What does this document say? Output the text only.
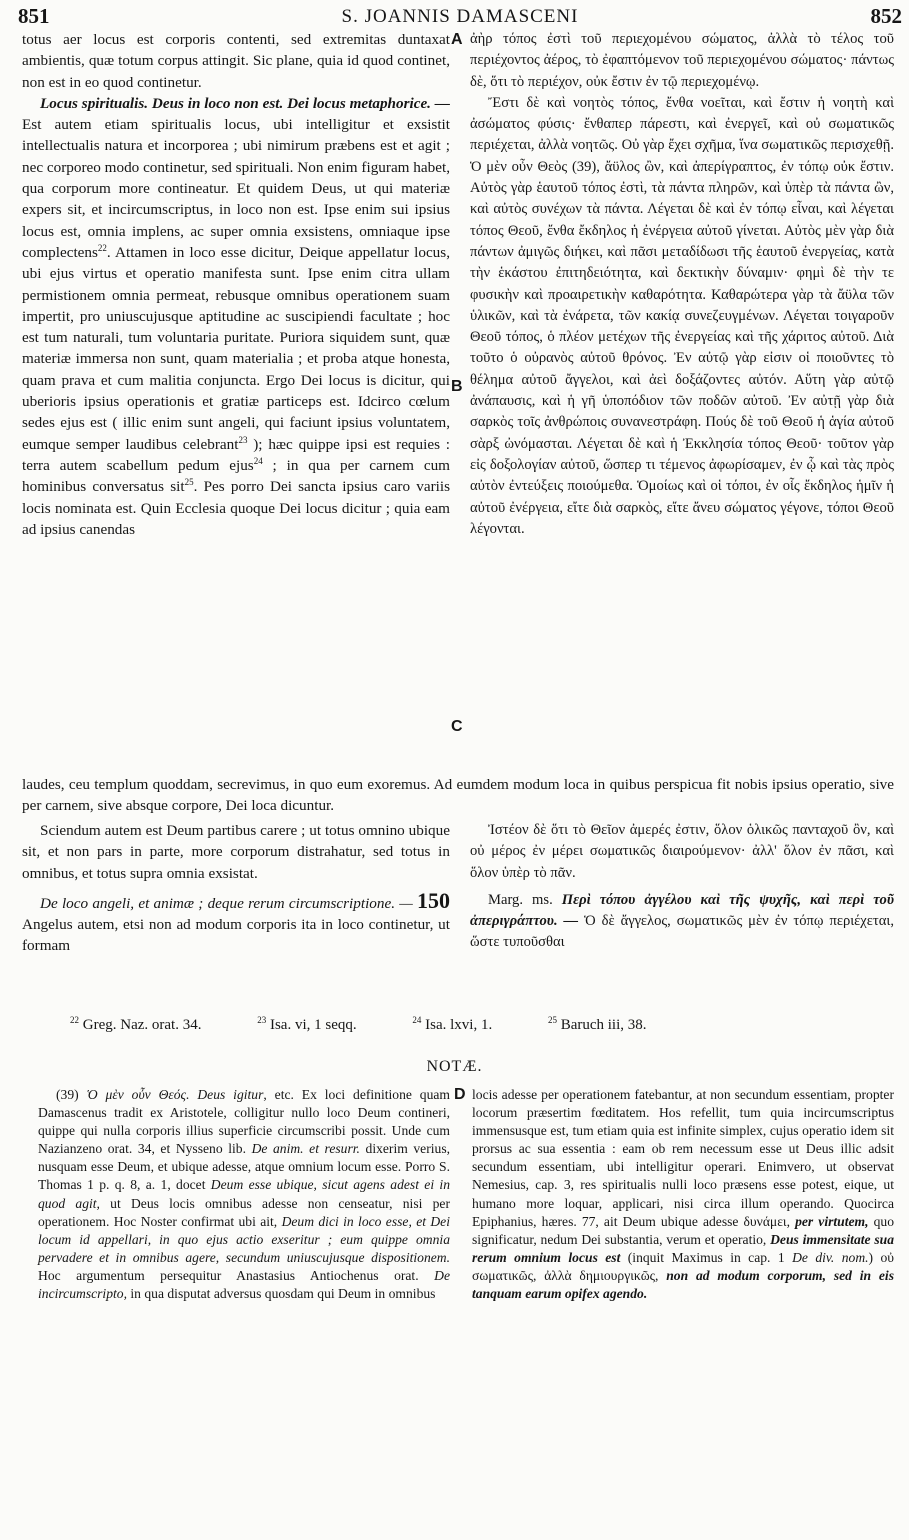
851	S. JOANNIS DAMASCENI	852
A
B
C
D

totus aer locus est corporis contenti, sed extremitas duntaxat ambientis, quæ totum corpus attingit. Sic plane, quia id quod continet, non est in eo quod continetur.

Locus spiritualis. Deus in loco non est. Dei locus metaphorice. — Est autem etiam spiritualis locus, ubi intelligitur et exsistit intellectualis natura et incorporea ; ubi nimirum præbens est et agit ; nec corporeo modo continetur, sed spirituali. Non enim figuram habet, qua corporum more contineatur. Et quidem Deus, ut qui materiæ expers sit, et incircumscriptus, in loco non est. Ipse enim sui ipsius locus est, omnia implens, ac super omnia exsistens, omniaque ipse complectens$^{22}$. Attamen in loco esse dicitur, Deique appellatur locus, ubi ejus virtus et operatio manifesta sunt. Ipse enim citra ullam permistionem omnia permeat, rebusque omnibus operationem suam impertit, pro uniuscujusque aptitudine ac suscipiendi facultate ; hoc est tum naturali, tum voluntaria puritate. Puriora siquidem sunt, quæ materiæ immersa non sunt, quam materialia ; et proba atque honesta, quam prava et cum malitia conjuncta. Ergo Dei locus is dicitur, qui uberioris ipsius operationis et gratiæ particeps est. Idcirco cœlum sedes ejus est ( illic enim sunt angeli, qui faciunt ipsius voluntatem, eumque semper laudibus celebrant$^{23}$ ); hæc quippe ipsi est requies : terra autem scabellum pedum ejus$^{24}$ ; in qua per carnem cum hominibus conversatus sit$^{25}$. Pes porro Dei sancta ipsius caro variis locis nominata est. Quin Ecclesia quoque Dei locus dicitur ; quia eam ad ipsius canendas

ἀὴρ τόπος ἐστὶ τοῦ περιεχομένου σώματος, ἀλλὰ τὸ τέλος τοῦ περιέχοντος ἀέρος, τὸ ἐφαπτόμενον τοῦ περιεχομένου σώματος· πάντως δὲ, ὅτι τὸ περιέχον, οὐκ ἔστιν ἐν τῷ περιεχομένῳ.

Ἔστι δὲ καὶ νοητὸς τόπος, ἔνθα νοεῖται, καὶ ἔστιν ἡ νοητὴ καὶ ἀσώματος φύσις· ἔνθαπερ πάρεστι, καὶ ἐνεργεῖ, καὶ οὐ σωματικῶς περιέχεται, ἀλλὰ νοητῶς. Οὐ γὰρ ἔχει σχῆμα, ἵνα σωματικῶς περισχεθῇ. Ὁ μὲν οὖν Θεὸς (39), ἄϋλος ὢν, καὶ ἀπερίγραπτος, ἐν τόπῳ οὐκ ἔστιν. Αὐτὸς γὰρ ἑαυτοῦ τόπος ἐστὶ, τὰ πάντα πληρῶν, καὶ ὑπὲρ τὰ πάντα ὢν, καὶ αὐτὸς συνέχων τὰ πάντα. Λέγεται δὲ καὶ ἐν τόπῳ εἶναι, καὶ λέγεται τόπος Θεοῦ, ἔνθα ἔκδηλος ἡ ἐνέργεια αὐτοῦ γίνεται. Αὐτὸς μὲν γὰρ διὰ πάντων ἀμιγῶς διήκει, καὶ πᾶσι μεταδίδωσι τῆς ἑαυτοῦ ἐνεργείας, κατὰ τὴν ἑκάστου ἐπιτηδειότητα, καὶ δεκτικὴν δύναμιν· φημὶ δὲ τὴν τε φυσικὴν καὶ προαιρετικὴν καθαρότητα. Καθαρώτερα γὰρ τὰ ἄϋλα τῶν ὑλικῶν, καὶ τὰ ἐνάρετα, τῶν κακίᾳ συνεζευγμένων. Λέγεται τοιγαροῦν Θεοῦ τόπος, ὁ πλέον μετέχων τῆς ἐνεργείας καὶ τῆς χάριτος αὐτοῦ. Διὰ τοῦτο ὁ οὐρανὸς αὐτοῦ θρόνος. Ἐν αὐτῷ γὰρ εἰσιν οἱ ποιοῦντες τὸ θέλημα αὐτοῦ ἄγγελοι, καὶ ἀεὶ δοξάζοντες αὐτόν. Αὕτη γὰρ αὐτῷ ἀνάπαυσις, καὶ ἡ γῆ ὑποπόδιον τῶν ποδῶν αὐτοῦ. Ἐν αὐτῇ γὰρ διὰ σαρκὸς τοῖς ἀνθρώποις συνανεστράφη. Πούς δὲ τοῦ Θεοῦ ἡ ἁγία αὐτοῦ σὰρξ ὠνόμασται. Λέγεται δὲ καὶ ἡ Ἐκκλησία τόπος Θεοῦ· τοῦτον γὰρ εἰς δοξολογίαν αὐτοῦ, ὥσπερ τι τέμενος ἀφωρίσαμεν, ἐν ᾧ καὶ τὰς πρὸς αὐτὸν ἐντεύξεις ποιούμεθα. Ὁμοίως καὶ οἱ τόποι, ἐν οἷς ἔκδηλος ἡμῖν ἡ αὐτοῦ ἐνέργεια, εἴτε διὰ σαρκὸς, εἴτε ἄνευ σώματος γέγονε, τόποι Θεοῦ λέγονται.

laudes, ceu templum quoddam, secrevimus, in quo eum exoremus. Ad eumdem modum loca in quibus perspicua fit nobis ipsius operatio, sive per carnem, sive absque corpore, Dei loca dicuntur.

Sciendum autem est Deum partibus carere ; ut totus omnino ubique sit, et non pars in parte, more corporum distrahatur, sed totus in omnibus, et totus supra omnia exsistat.

De loco angeli, et animæ ; deque rerum circumscriptione. — 150 Angelus autem, etsi non ad modum corporis ita in loco continetur, ut formam

Ἰστέον δὲ ὅτι τὸ Θεῖον ἀμερές ἐστιν, ὅλον ὁλικῶς πανταχοῦ ὂν, καὶ οὐ μέρος ἐν μέρει σωματικῶς διαιρούμενον· ἀλλ' ὅλον ἐν πᾶσι, καὶ ὅλον ὑπὲρ τὸ πᾶν.

Marg. ms. Περὶ τόπου ἀγγέλου καὶ τῆς ψυχῆς, καὶ περὶ τοῦ ἀπεριγράπτου. — Ὁ δὲ ἄγγελος, σωματικῶς μὲν ἐν τόπῳ περιέχεται, ὥστε τυποῦσθαι

$^{22}$ Greg. Naz. orat. 34.	$^{23}$ Isa. vi, 1 seqq.	$^{24}$ Isa. lxvi, 1.	$^{25}$ Baruch iii, 38.
NOTÆ.

(39) Ὁ μὲν οὖν Θεός. Deus igitur, etc. Ex loci definitione quam Damascenus tradit ex Aristotele, colligitur nullo loco Deum contineri, quippe qui nulla corporis illius superficie circumscribi possit. Unde cum Nazianzeno orat. 34, et Nysseno lib. De anim. et resurr. dixerim verius, nusquam esse Deum, et ubique adesse, atque omnium locum esse. Porro S. Thomas 1 p. q. 8, a. 1, docet Deum esse ubique, sicut agens adest ei in quod agit, ut Deus locis omnibus adesse non censeatur, nisi per operationem. Hoc Noster confirmat ubi ait, Deum dici in loco esse, et Dei locum id appellari, in quo ejus actio exseritur ; eum quippe omnia pervadere et in omnibus agere, secundum uniuscujusque dispositionem. Hoc argumentum persequitur Anastasius Antiochenus orat. De incircumscripto, in qua disputat adversus quosdam qui Deum in omnibus

locis adesse per operationem fatebantur, at non secundum essentiam, propter locorum præsertim fœditatem. Hos refellit, tum quia incircumscriptus immensusque est, tum etiam quia est infinite simplex, cujus operatio idem sit prorsus ac sua essentia : eam ob rem necessum esse ut Deus illic adsit secundum essentiam, ubi intelligitur operari. Enimvero, ut observat Nemesius, cap. 3, res spiritualis nulli loco præsens esse potest, eique, ut humano more loquar, applicari, nisi circa illum operando. Quocirca Epiphanius, hæres. 77, ait Deum ubique adesse δυνάμει, per virtutem, quo significatur, nedum Dei substantia, verum et operatio, Deus immensitate sua rerum omnium locus est (inquit Maximus in cap. 1 De div. nom.) οὐ σωματικῶς, ἀλλὰ δημιουργικῶς, non ad modum corporum, sed in eis tanquam earum opifex agendo.
